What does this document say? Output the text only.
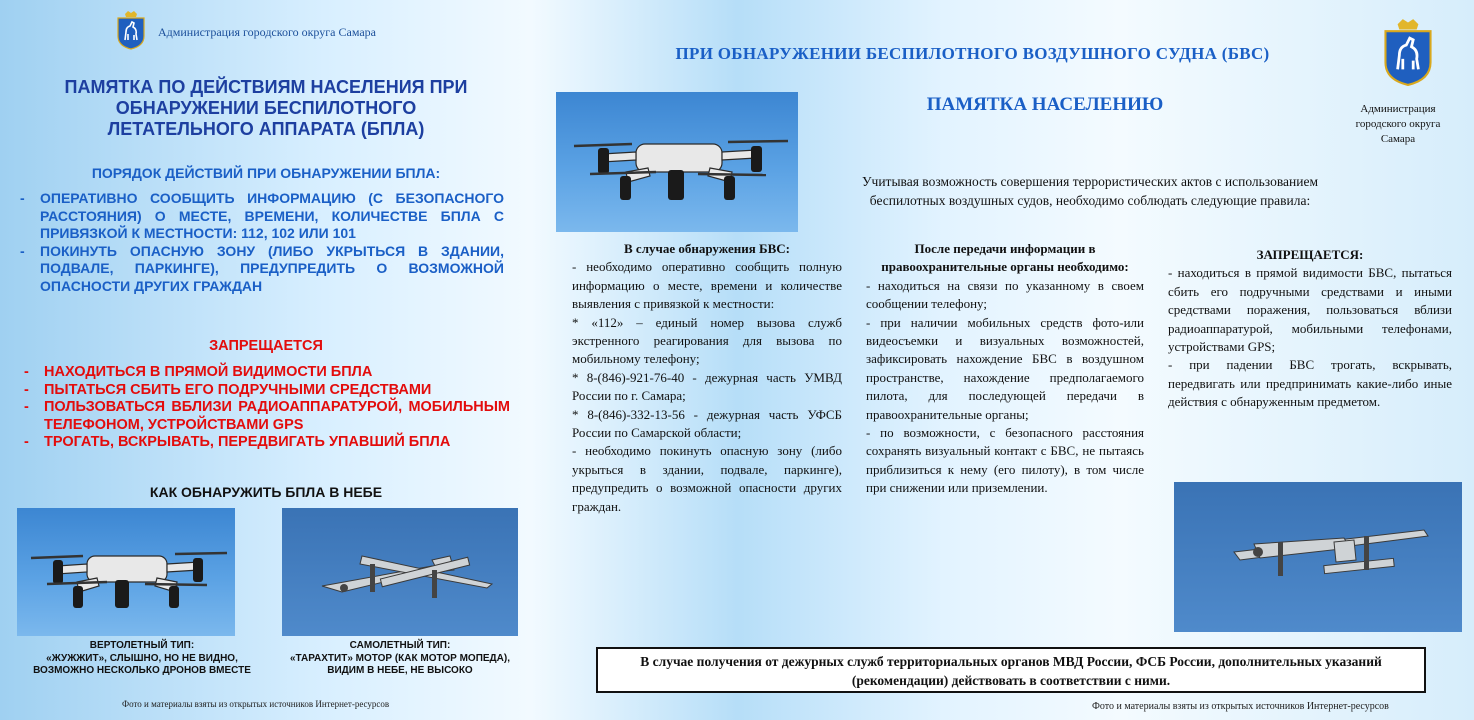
Администрация городского округа Самара
ПАМЯТКА ПО ДЕЙСТВИЯМ НАСЕЛЕНИЯ ПРИ
ОБНАРУЖЕНИИ БЕСПИЛОТНОГО
ЛЕТАТЕЛЬНОГО АППАРАТА (БПЛА)
ПОРЯДОК ДЕЙСТВИЙ ПРИ ОБНАРУЖЕНИИ БПЛА:
- ОПЕРАТИВНО СООБЩИТЬ ИНФОРМАЦИЮ (С БЕЗОПАСНОГО РАССТОЯНИЯ) О МЕСТЕ, ВРЕМЕНИ, КОЛИЧЕСТВЕ БПЛА С ПРИВЯЗКОЙ К МЕСТНОСТИ: 112, 102 ИЛИ 101
- ПОКИНУТЬ ОПАСНУЮ ЗОНУ (ЛИБО УКРЫТЬСЯ В ЗДАНИИ, ПОДВАЛЕ, ПАРКИНГЕ), ПРЕДУПРЕДИТЬ О ВОЗМОЖНОЙ ОПАСНОСТИ ДРУГИХ ГРАЖДАН
ЗАПРЕЩАЕТСЯ
- НАХОДИТЬСЯ В ПРЯМОЙ ВИДИМОСТИ БПЛА
- ПЫТАТЬСЯ СБИТЬ ЕГО ПОДРУЧНЫМИ СРЕДСТВАМИ
- ПОЛЬЗОВАТЬСЯ ВБЛИЗИ РАДИОАППАРАТУРОЙ, МОБИЛЬНЫМ ТЕЛЕФОНОМ, УСТРОЙСТВАМИ GPS
- ТРОГАТЬ, ВСКРЫВАТЬ, ПЕРЕДВИГАТЬ УПАВШИЙ БПЛА
КАК ОБНАРУЖИТЬ БПЛА В НЕБЕ
ВЕРТОЛЕТНЫЙ ТИП:
«ЖУЖЖИТ», СЛЫШНО, НО НЕ ВИДНО,
ВОЗМОЖНО НЕСКОЛЬКО ДРОНОВ ВМЕСТЕ
САМОЛЕТНЫЙ ТИП:
«ТАРАХТИТ» МОТОР (КАК МОТОР МОПЕДА),
ВИДИМ В НЕБЕ, НЕ ВЫСОКО
Фото и материалы взяты из открытых источников Интернет-ресурсов
ПРИ ОБНАРУЖЕНИИ БЕСПИЛОТНОГО ВОЗДУШНОГО СУДНА (БВС)
ПАМЯТКА НАСЕЛЕНИЮ	Администрация
городского округа
Самара
Учитывая возможность совершения террористических актов с использованием
беспилотных воздушных судов, необходимо соблюдать следующие правила:

В случае обнаружения БВС:

- необходимо оперативно сообщить полную информацию о месте, времени и количестве выявления с привязкой к местности:

* «112» – единый номер вызова служб экстренного реагирования для вызова по мобильному телефону;

* 8-(846)-921-76-40 - дежурная часть УМВД России по г. Самара;

* 8-(846)-332-13-56 - дежурная часть УФСБ России по Самарской области;

- необходимо покинуть опасную зону (либо укрыться в здании, подвале, паркинге), предупредить о возможной опасности других граждан.

После передачи информации в правоохранительные органы необходимо:

- находиться на связи по указанному в своем сообщении телефону;

- при наличии мобильных средств фото-или видеосъемки и визуальных возможностей, зафиксировать нахождение БВС в воздушном пространстве, нахождение предполагаемого пилота, для последующей передачи в правоохранительные органы;

- по возможности, с безопасного расстояния сохранять визуальный контакт с БВС, не пытаясь приблизиться к нему (его пилоту), в том числе при снижении или приземлении.

ЗАПРЕЩАЕТСЯ:

- находиться в прямой видимости БВС, пытаться сбить его подручными средствами и иными средствами поражения, пользоваться вблизи радиоаппаратурой, мобильными телефонами, устройствами GPS;

- при падении БВС трогать, вскрывать, передвигать или предпринимать какие-либо иные действия с обнаруженным предметом.

В случае получения от дежурных служб территориальных органов МВД России, ФСБ России, дополнительных указаний (рекомендации) действовать в соответствии с ними.
Фото и материалы взяты из открытых источников Интернет-ресурсов
